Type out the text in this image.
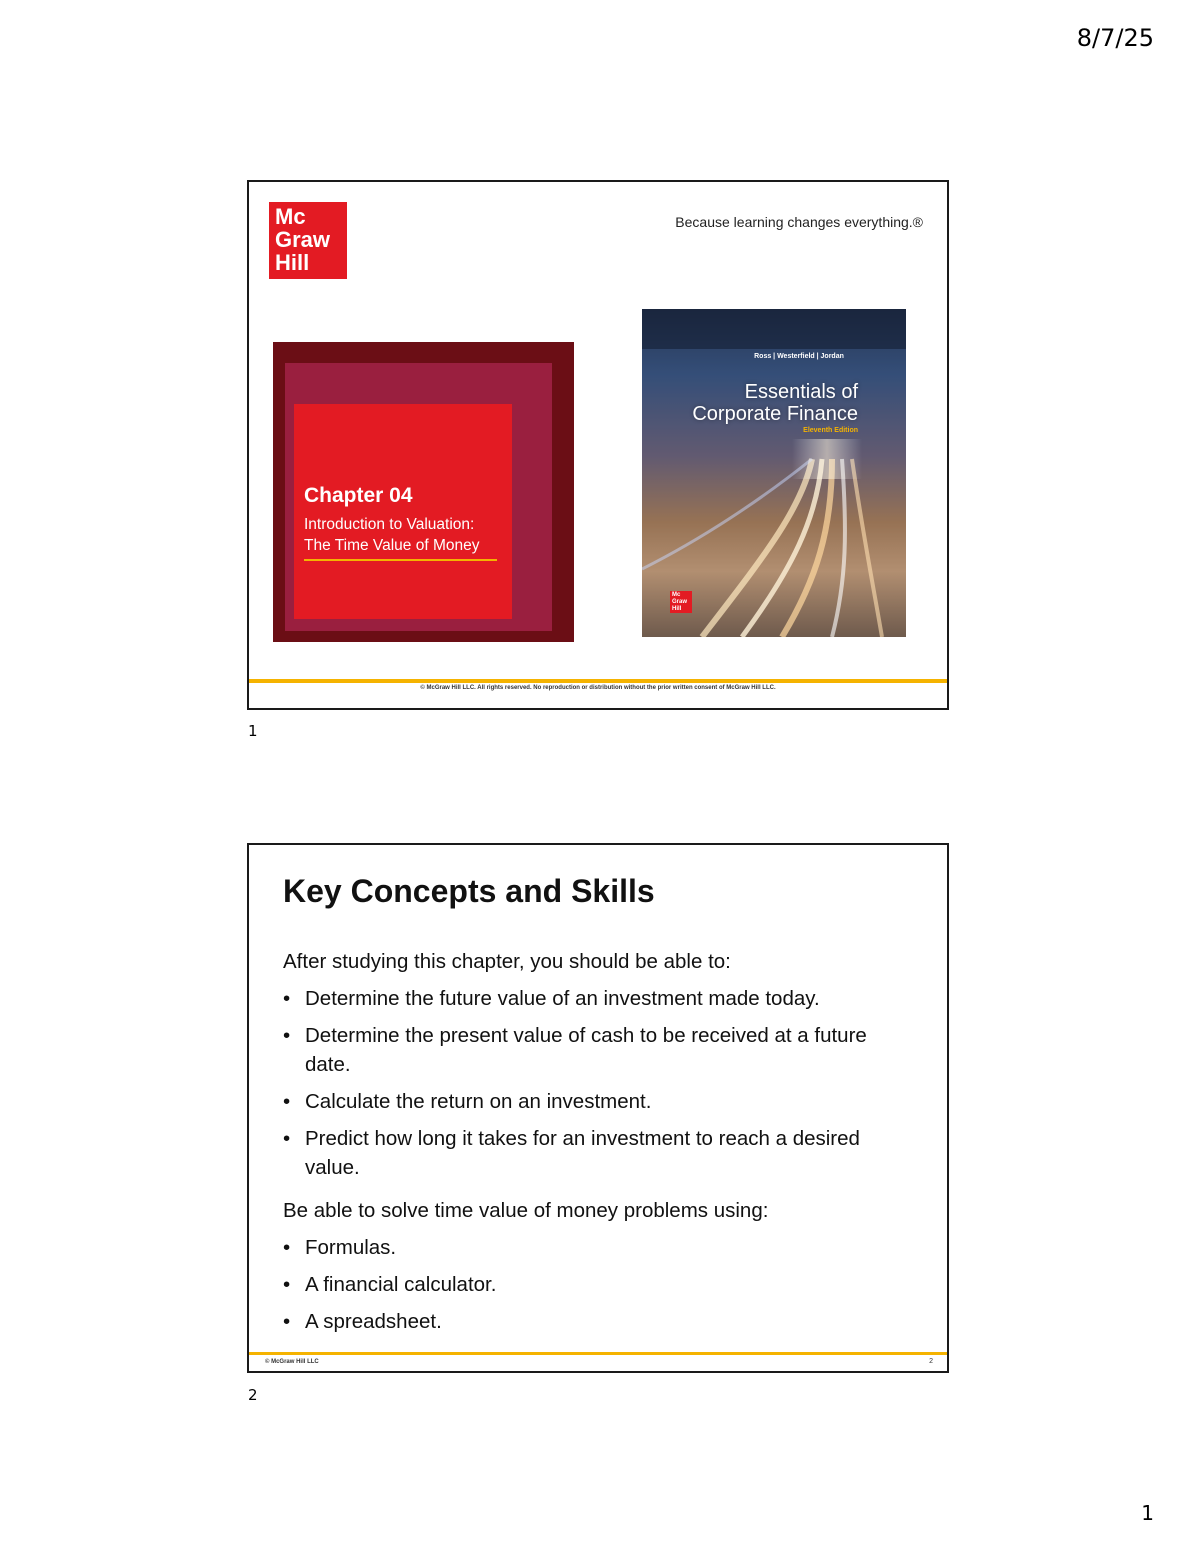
8/7/25
Mc
Graw
Hill
Because learning changes everything.®
Chapter 04
Introduction to Valuation:
The Time Value of Money
Ross | Westerfield | Jordan
Essentials of
Corporate Finance
Eleventh Edition
Mc
Graw
Hill
© McGraw Hill LLC. All rights reserved. No reproduction or distribution without the prior written consent of McGraw Hill LLC.
1
Key Concepts and Skills

After studying this chapter, you should be able to:

• Determine the future value of an investment made today.
• Determine the present value of cash to be received at a future date.
• Calculate the return on an investment.
• Predict how long it takes for an investment to reach a desired value.

Be able to solve time value of money problems using:

• Formulas.
• A financial calculator.
• A spreadsheet.
© McGraw Hill LLC	2
2
1
